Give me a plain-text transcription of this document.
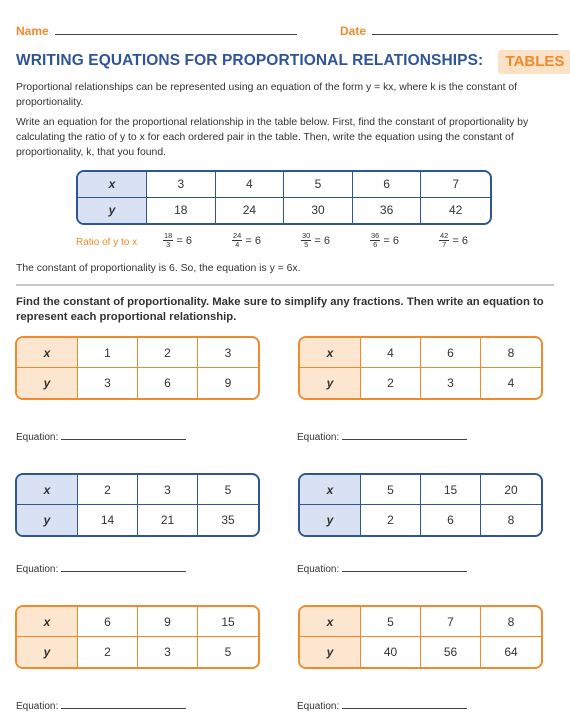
Name	Date
WRITING EQUATIONS FOR PROPORTIONAL RELATIONSHIPS:	TABLES
Proportional relationships can be represented using an equation of the form y = kx, where k is the constant of proportionality.
Write an equation for the proportional relationship in the table below. First, find the constant of proportionality by calculating the ratio of y to x for each ordered pair in the table. Then, write the equation using the constant of proportionality, k, that you found.
x	3	4	5	6	7
y	18	24	30	36	42
Ratio of y to x	$\frac{18}{3} = 6$	$\frac{24}{4} = 6$	$\frac{30}{5} = 6$	$\frac{36}{6} = 6$	$\frac{42}{7} = 6$
The constant of proportionality is 6. So, the equation is y = 6x.
Find the constant of proportionality. Make sure to simplify any fractions. Then write an equation to represent each proportional relationship.
x	1	2	3
y	3	6	9
Equation:
x	4	6	8
y	2	3	4
Equation:
x	2	3	5
y	14	21	35
Equation:
x	5	15	20
y	2	6	8
Equation:
x	6	9	15
y	2	3	5
Equation:
x	5	7	8
y	40	56	64
Equation:
